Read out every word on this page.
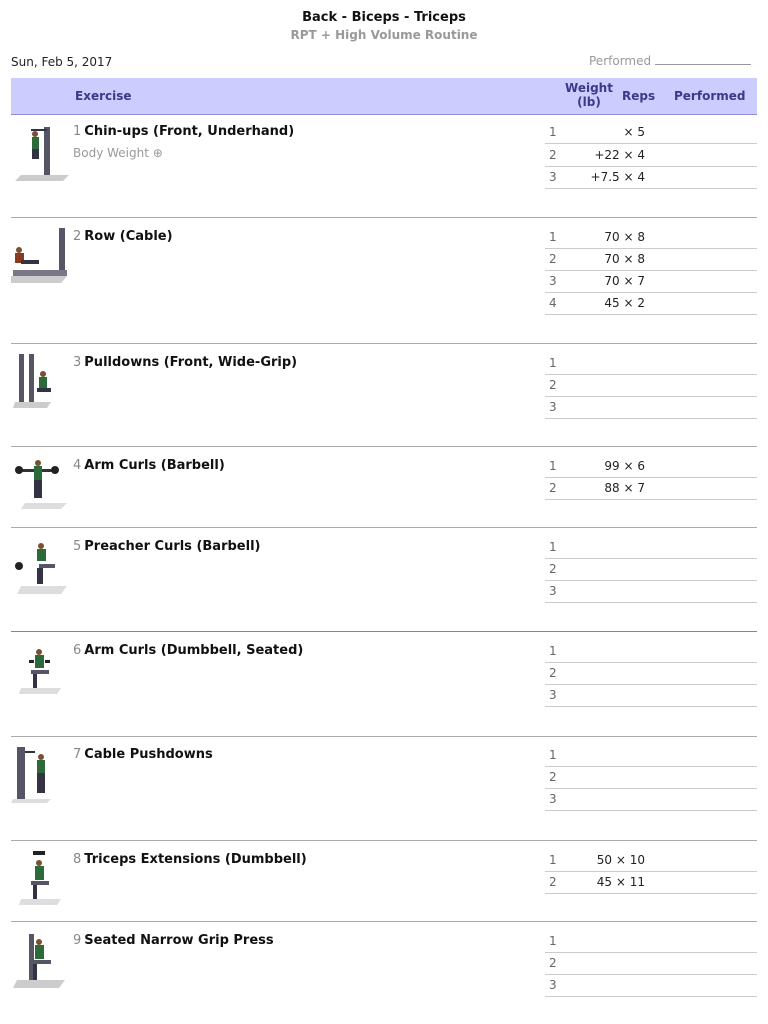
Back - Biceps - Triceps
RPT + High Volume Routine
Sun, Feb 5, 2017	Performed
Exercise
Weight
(lb)	Reps Performed
1 Chin-ups (Front, Underhand)
Body Weight ⊕
1	× 5
2	+22 × 4
3	+7.5 × 4
2 Row (Cable)	1	70 × 8
2	70 × 8
3	70 × 7
4	45 × 2
3 Pulldowns (Front, Wide-Grip)	1
2
3
4 Arm Curls (Barbell)	1	99 × 6
2	88 × 7
5 Preacher Curls (Barbell)	1
2
3
6 Arm Curls (Dumbbell, Seated)	1
2
3
7 Cable Pushdowns	1
2
3
8 Triceps Extensions (Dumbbell)	1	50 × 10
2	45 × 11
9 Seated Narrow Grip Press	1
2
3
